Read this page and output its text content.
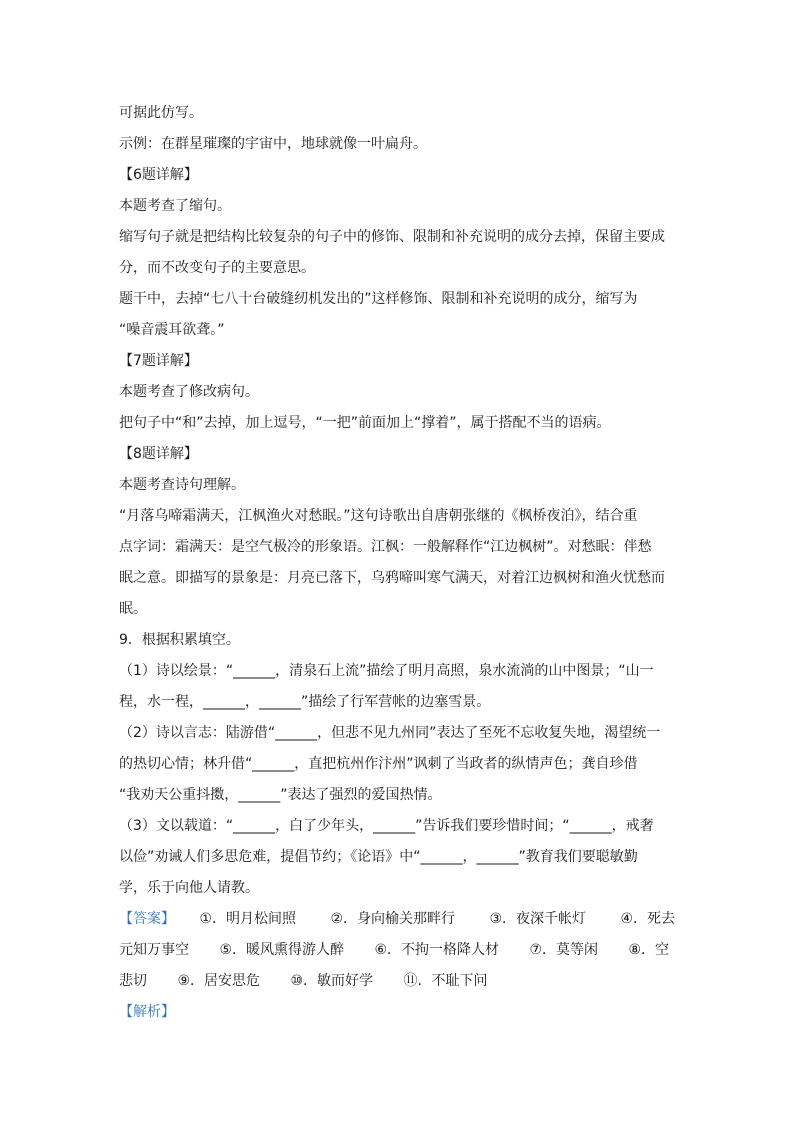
可据此仿写。

示例：在群星璀璨的宇宙中，地球就像一叶扁舟。

【6题详解】

本题考查了缩句。

缩写句子就是把结构比较复杂的句子中的修饰、限制和补充说明的成分去掉，保留主要成

分，而不改变句子的主要意思。

题干中，去掉“七八十台破缝纫机发出的”这样修饰、限制和补充说明的成分，缩写为

“噪音震耳欲聋。”

【7题详解】

本题考查了修改病句。

把句子中“和”去掉，加上逗号，“一把”前面加上“撑着”，属于搭配不当的语病。

【8题详解】

本题考查诗句理解。

“月落乌啼霜满天，江枫渔火对愁眠。”这句诗歌出自唐朝张继的《枫桥夜泊》，结合重

点字词：霜满天：是空气极冷的形象语。江枫：一般解释作“江边枫树”。对愁眠：伴愁

眠之意。即描写的景象是：月亮已落下，乌鸦啼叫寒气满天，对着江边枫树和渔火忧愁而

眠。

9．根据积累填空。

（1）诗以绘景：“______，清泉石上流”描绘了明月高照，泉水流淌的山中图景；“山一

程，水一程，______，______”描绘了行军营帐的边塞雪景。

（2）诗以言志：陆游借“______，但悲不见九州同”表达了至死不忘收复失地，渴望统一

的热切心情；林升借“______，直把杭州作汴州”讽刺了当政者的纵情声色；龚自珍借

“我劝天公重抖擞，______”表达了强烈的爱国热情。

（3）文以载道：“______，白了少年头，______”告诉我们要珍惜时间；“______，戒奢

以俭”劝诫人们多思危难，提倡节约；《论语》中“______，______”教育我们要聪敏勤

学，乐于向他人请教。

【答案】 ①．明月松间照 ②．身向榆关那畔行 ③．夜深千帐灯 ④．死去

元知万事空 ⑤．暖风熏得游人醉 ⑥．不拘一格降人材 ⑦．莫等闲 ⑧．空

悲切 ⑨．居安思危 ⑩．敏而好学 ⑪．不耻下问

【解析】
